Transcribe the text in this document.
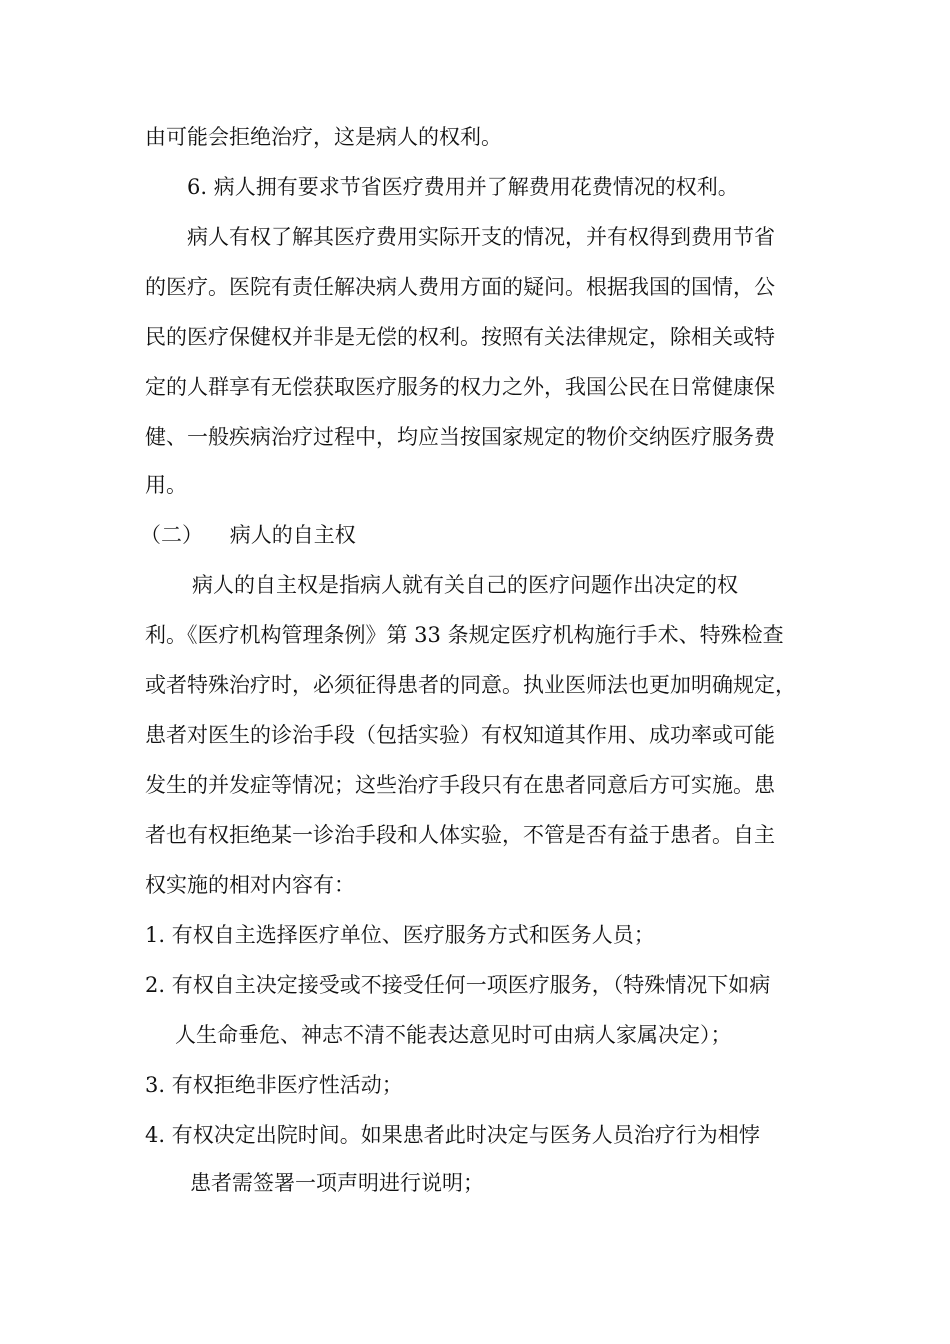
由可能会拒绝治疗，这是病人的权利。
6. 病人拥有要求节省医疗费用并了解费用花费情况的权利。
病人有权了解其医疗费用实际开支的情况，并有权得到费用节省
的医疗。医院有责任解决病人费用方面的疑问。根据我国的国情，公
民的医疗保健权并非是无偿的权利。按照有关法律规定，除相关或特
定的人群享有无偿获取医疗服务的权力之外，我国公民在日常健康保
健、一般疾病治疗过程中，均应当按国家规定的物价交纳医疗服务费
用。
（二）    病人的自主权
病人的自主权是指病人就有关自己的医疗问题作出决定的权
利。《医疗机构管理条例》第 33 条规定医疗机构施行手术、特殊检查
或者特殊治疗时，必须征得患者的同意。执业医师法也更加明确规定，
患者对医生的诊治手段（包括实验）有权知道其作用、成功率或可能
发生的并发症等情况；这些治疗手段只有在患者同意后方可实施。患
者也有权拒绝某一诊治手段和人体实验，不管是否有益于患者。自主
权实施的相对内容有：
1. 有权自主选择医疗单位、医疗服务方式和医务人员；
2. 有权自主决定接受或不接受任何一项医疗服务，（特殊情况下如病
人生命垂危、神志不清不能表达意见时可由病人家属决定）；
3. 有权拒绝非医疗性活动；
4. 有权决定出院时间。如果患者此时决定与医务人员治疗行为相悖
患者需签署一项声明进行说明；
